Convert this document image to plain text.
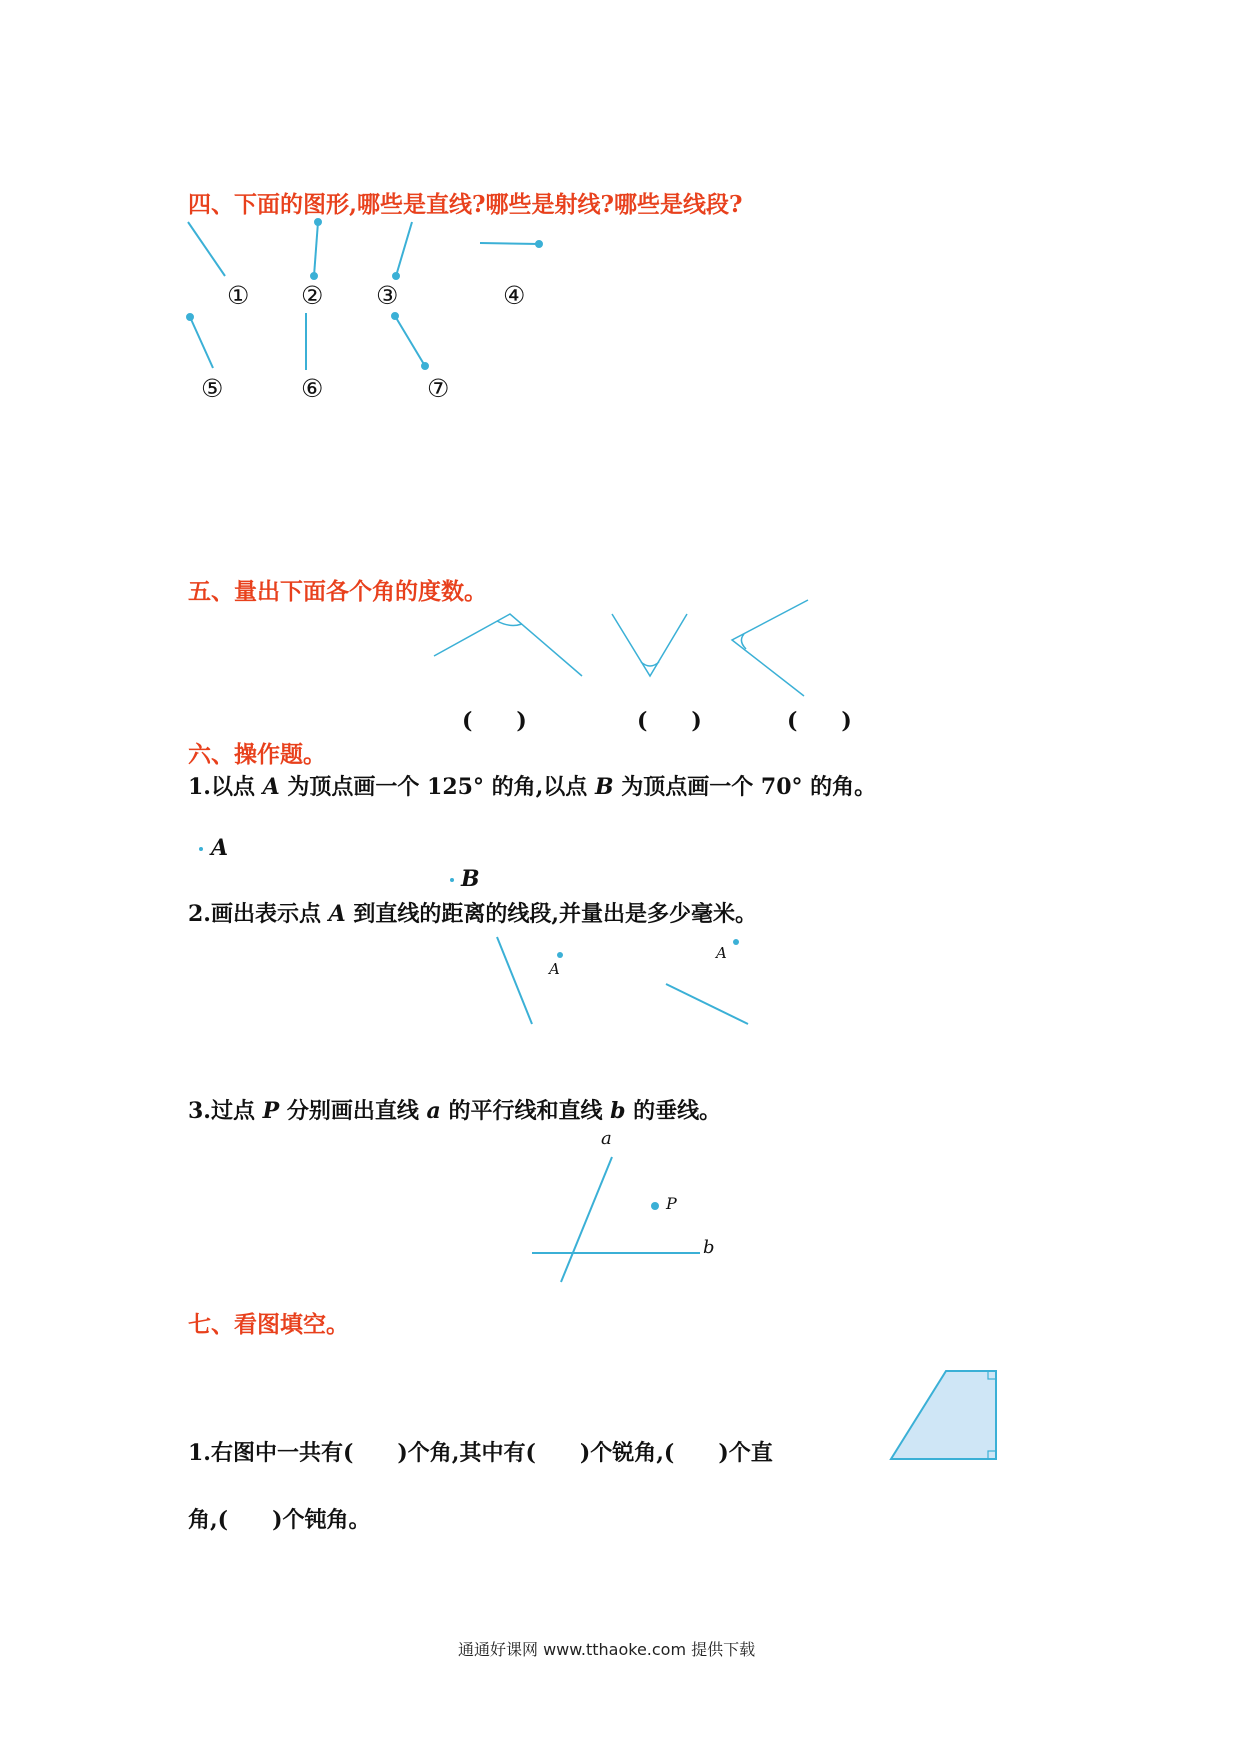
四、下面的图形,哪些是直线?哪些是射线?哪些是线段?
① ② ③	④
⑤	⑥	⑦
五、量出下面各个角的度数。
(　　)	(　　)	(　　)
六、操作题。
1.以点 A 为顶点画一个 125° 的角,以点 B 为顶点画一个 70° 的角。
A
B
2.画出表示点 A 到直线的距离的线段,并量出是多少毫米。
A
A
3.过点 P 分别画出直线 a 的平行线和直线 b 的垂线。
a
b
P
七、看图填空。
1.右图中一共有(　　)个角,其中有(　　)个锐角,(　　)个直
角,(　　)个钝角。
通通好课网 www.tthaoke.com 提供下载
